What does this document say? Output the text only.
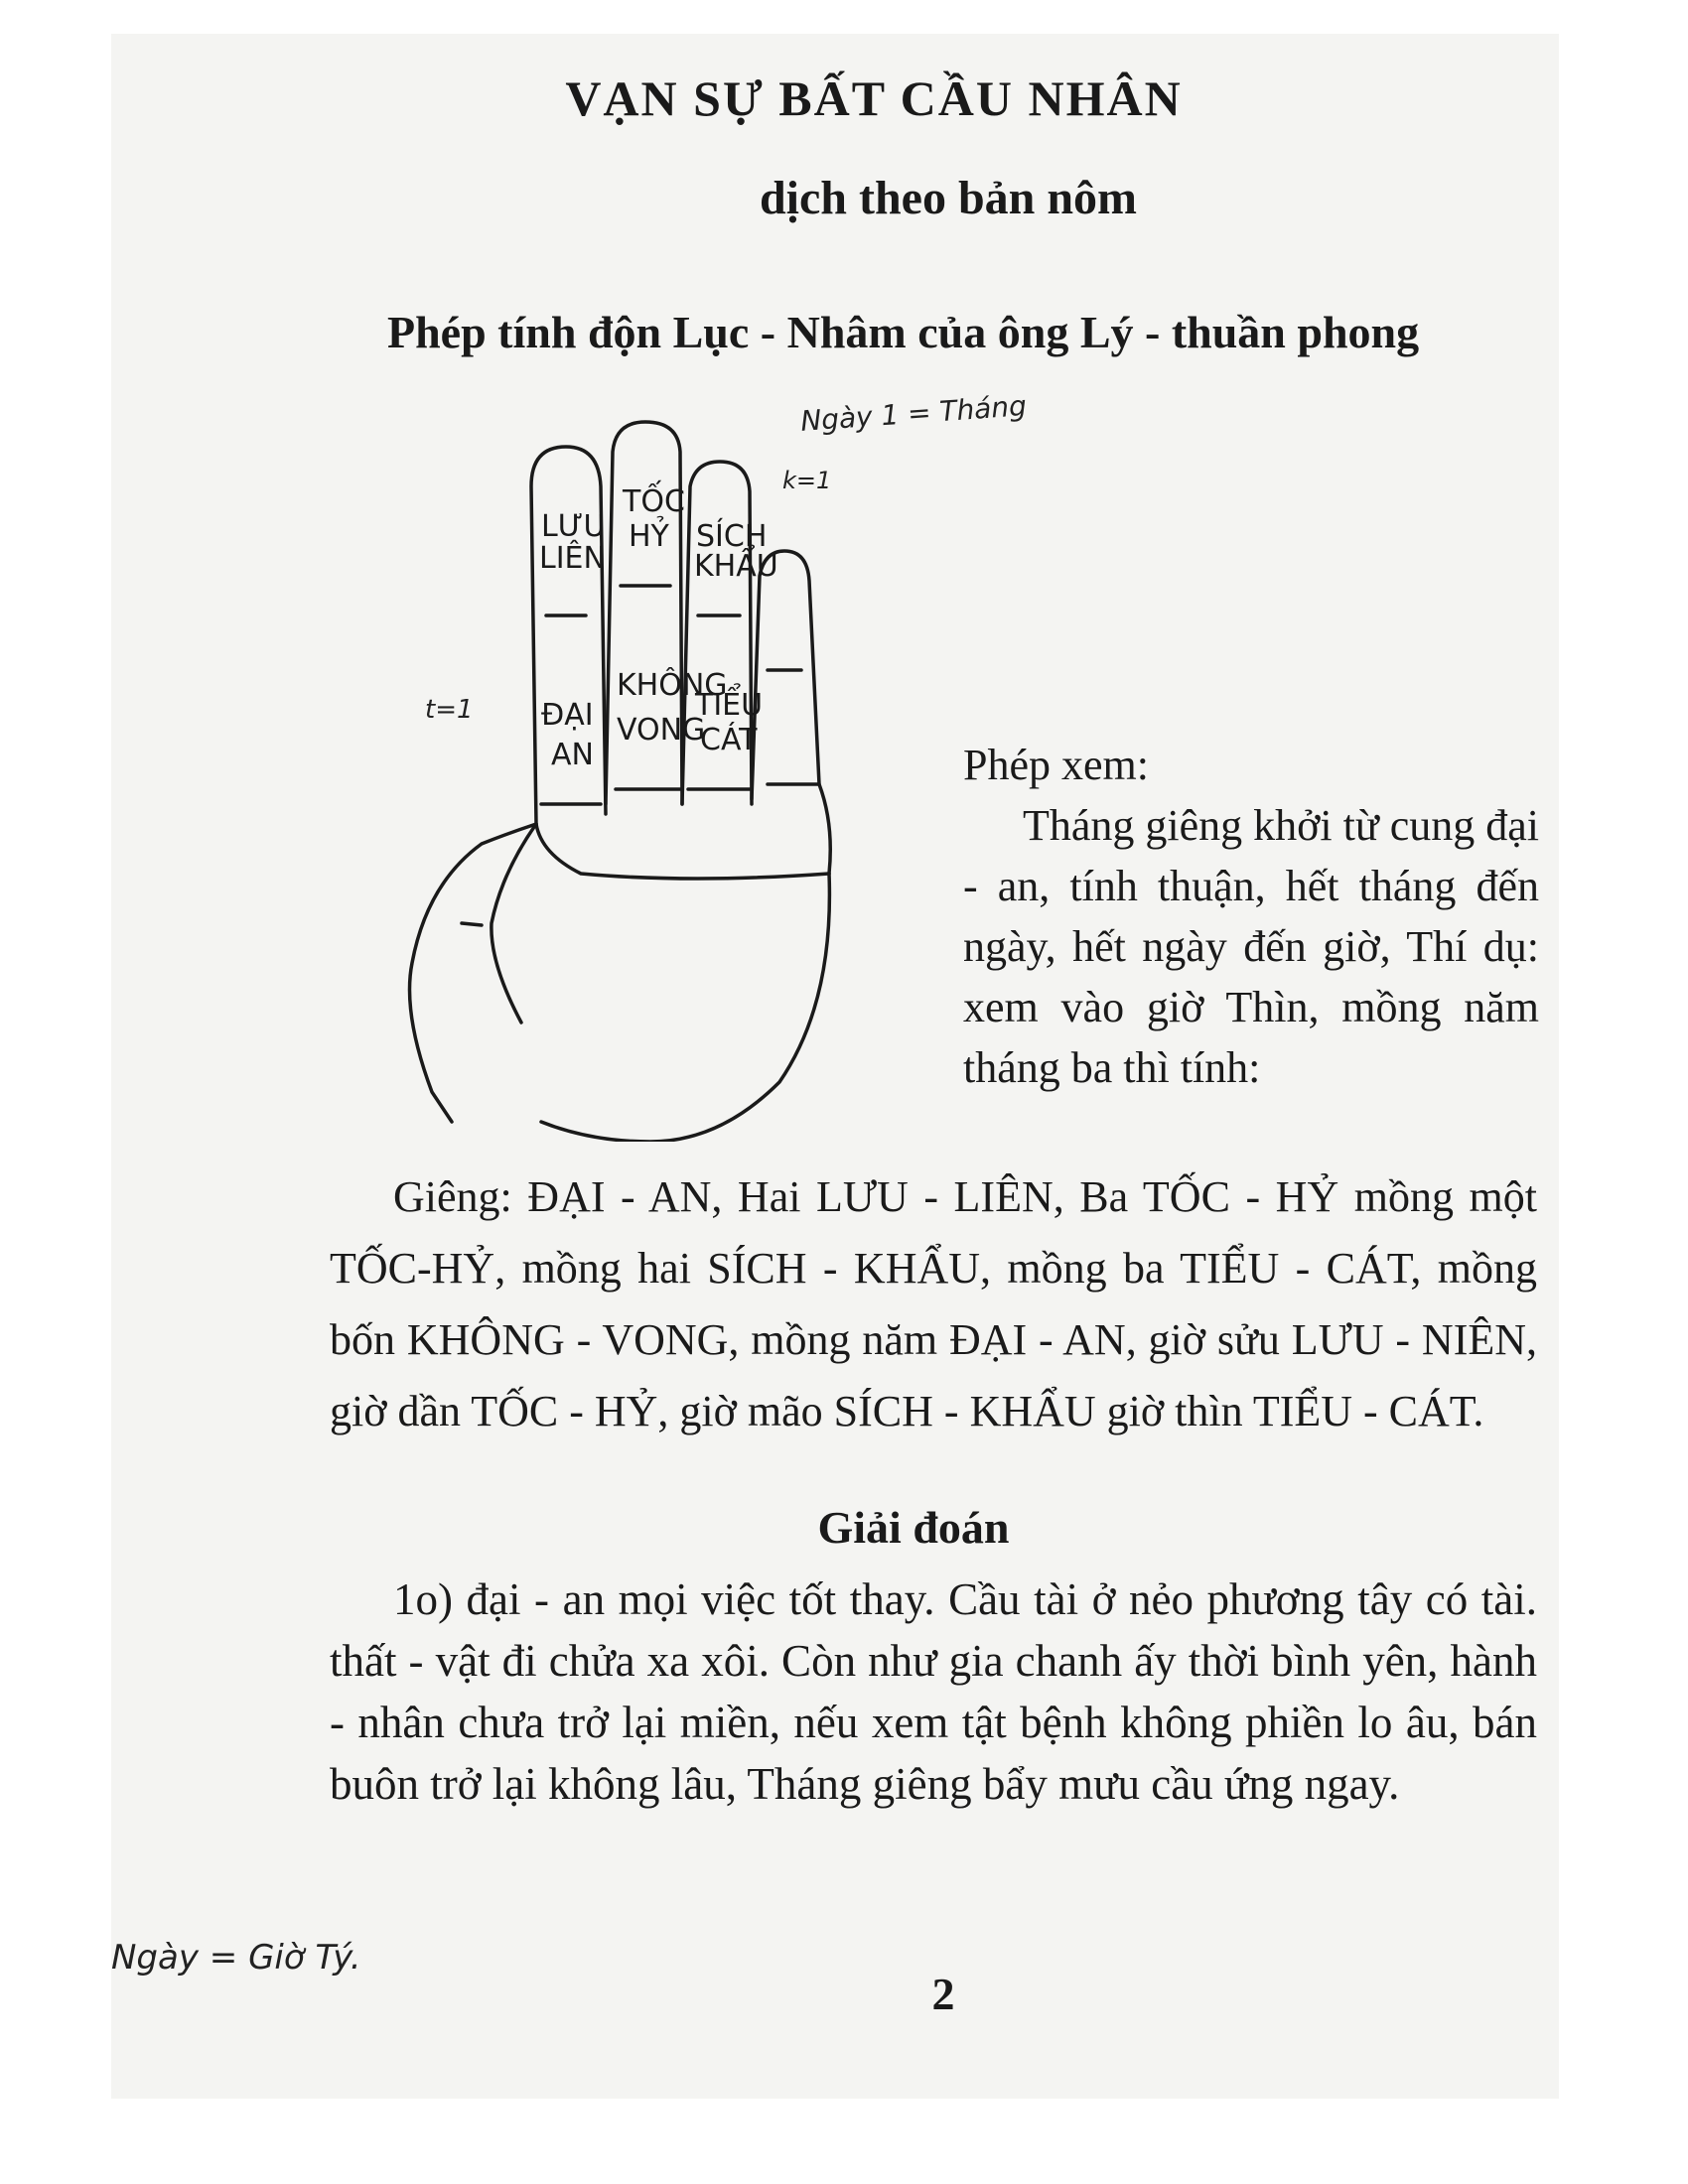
VẠN SỰ BẤT CẦU NHÂN
dịch theo bản nôm
Phép tính độn Lục - Nhâm của ông Lý - thuần phong
Ngày 1 = Tháng
k=1
t=1
LƯU
LIÊN
TỐC
HỶ SÍCH
KHẨU
ĐẠI
AN
KHÔNG
VONG
TIỂU
CÁT
Phép xem:
Tháng giêng khởi từ cung đại - an, tính thuận, hết tháng đến ngày, hết ngày đến giờ, Thí dụ: xem vào giờ Thìn, mồng năm tháng ba thì tính:
Giêng: ĐẠI - AN, Hai LƯU - LIÊN, Ba TỐC - HỶ mồng một TỐC-HỶ, mồng hai SÍCH - KHẨU, mồng ba TIỂU - CÁT, mồng bốn KHÔNG - VONG, mồng năm ĐẠI - AN, giờ sửu LƯU - NIÊN, giờ dần TỐC - HỶ, giờ mão SÍCH - KHẨU giờ thìn TIỂU - CÁT.
Giải đoán
1o) đại - an mọi việc tốt thay. Cầu tài ở nẻo phương tây có tài. thất - vật đi chửa xa xôi. Còn như gia chanh ấy thời bình yên, hành - nhân chưa trở lại miền, nếu xem tật bệnh không phiền lo âu, bán buôn trở lại không lâu, Tháng giêng bẩy mưu cầu ứng ngay.
Ngày = Giờ Tý.
2
